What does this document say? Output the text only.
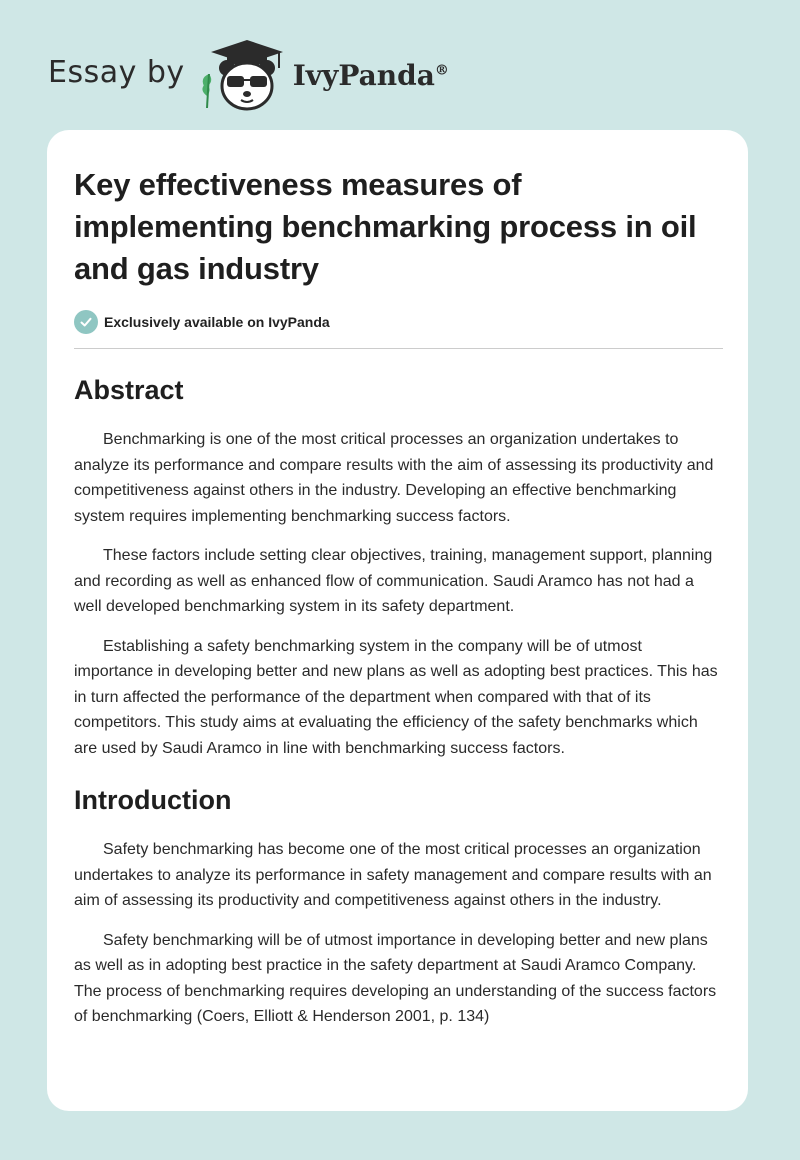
Essay by	IvyPanda®
Key effectiveness measures of implementing benchmarking process in oil and gas industry
Exclusively available on IvyPanda
Abstract

Benchmarking is one of the most critical processes an organization undertakes to analyze its performance and compare results with the aim of assessing its productivity and competitiveness against others in the industry. Developing an effective benchmarking system requires implementing benchmarking success factors.

These factors include setting clear objectives, training, management support, planning and recording as well as enhanced flow of communication. Saudi Aramco has not had a well developed benchmarking system in its safety department.

Establishing a safety benchmarking system in the company will be of utmost importance in developing better and new plans as well as adopting best practices. This has in turn affected the performance of the department when compared with that of its competitors. This study aims at evaluating the efficiency of the safety benchmarks which are used by Saudi Aramco in line with benchmarking success factors.

Introduction

Safety benchmarking has become one of the most critical processes an organization undertakes to analyze its performance in safety management and compare results with an aim of assessing its productivity and competitiveness against others in the industry.

Safety benchmarking will be of utmost importance in developing better and new plans as well as in adopting best practice in the safety department at Saudi Aramco Company. The process of benchmarking requires developing an understanding of the success factors of benchmarking (Coers, Elliott & Henderson 2001, p. 134)
